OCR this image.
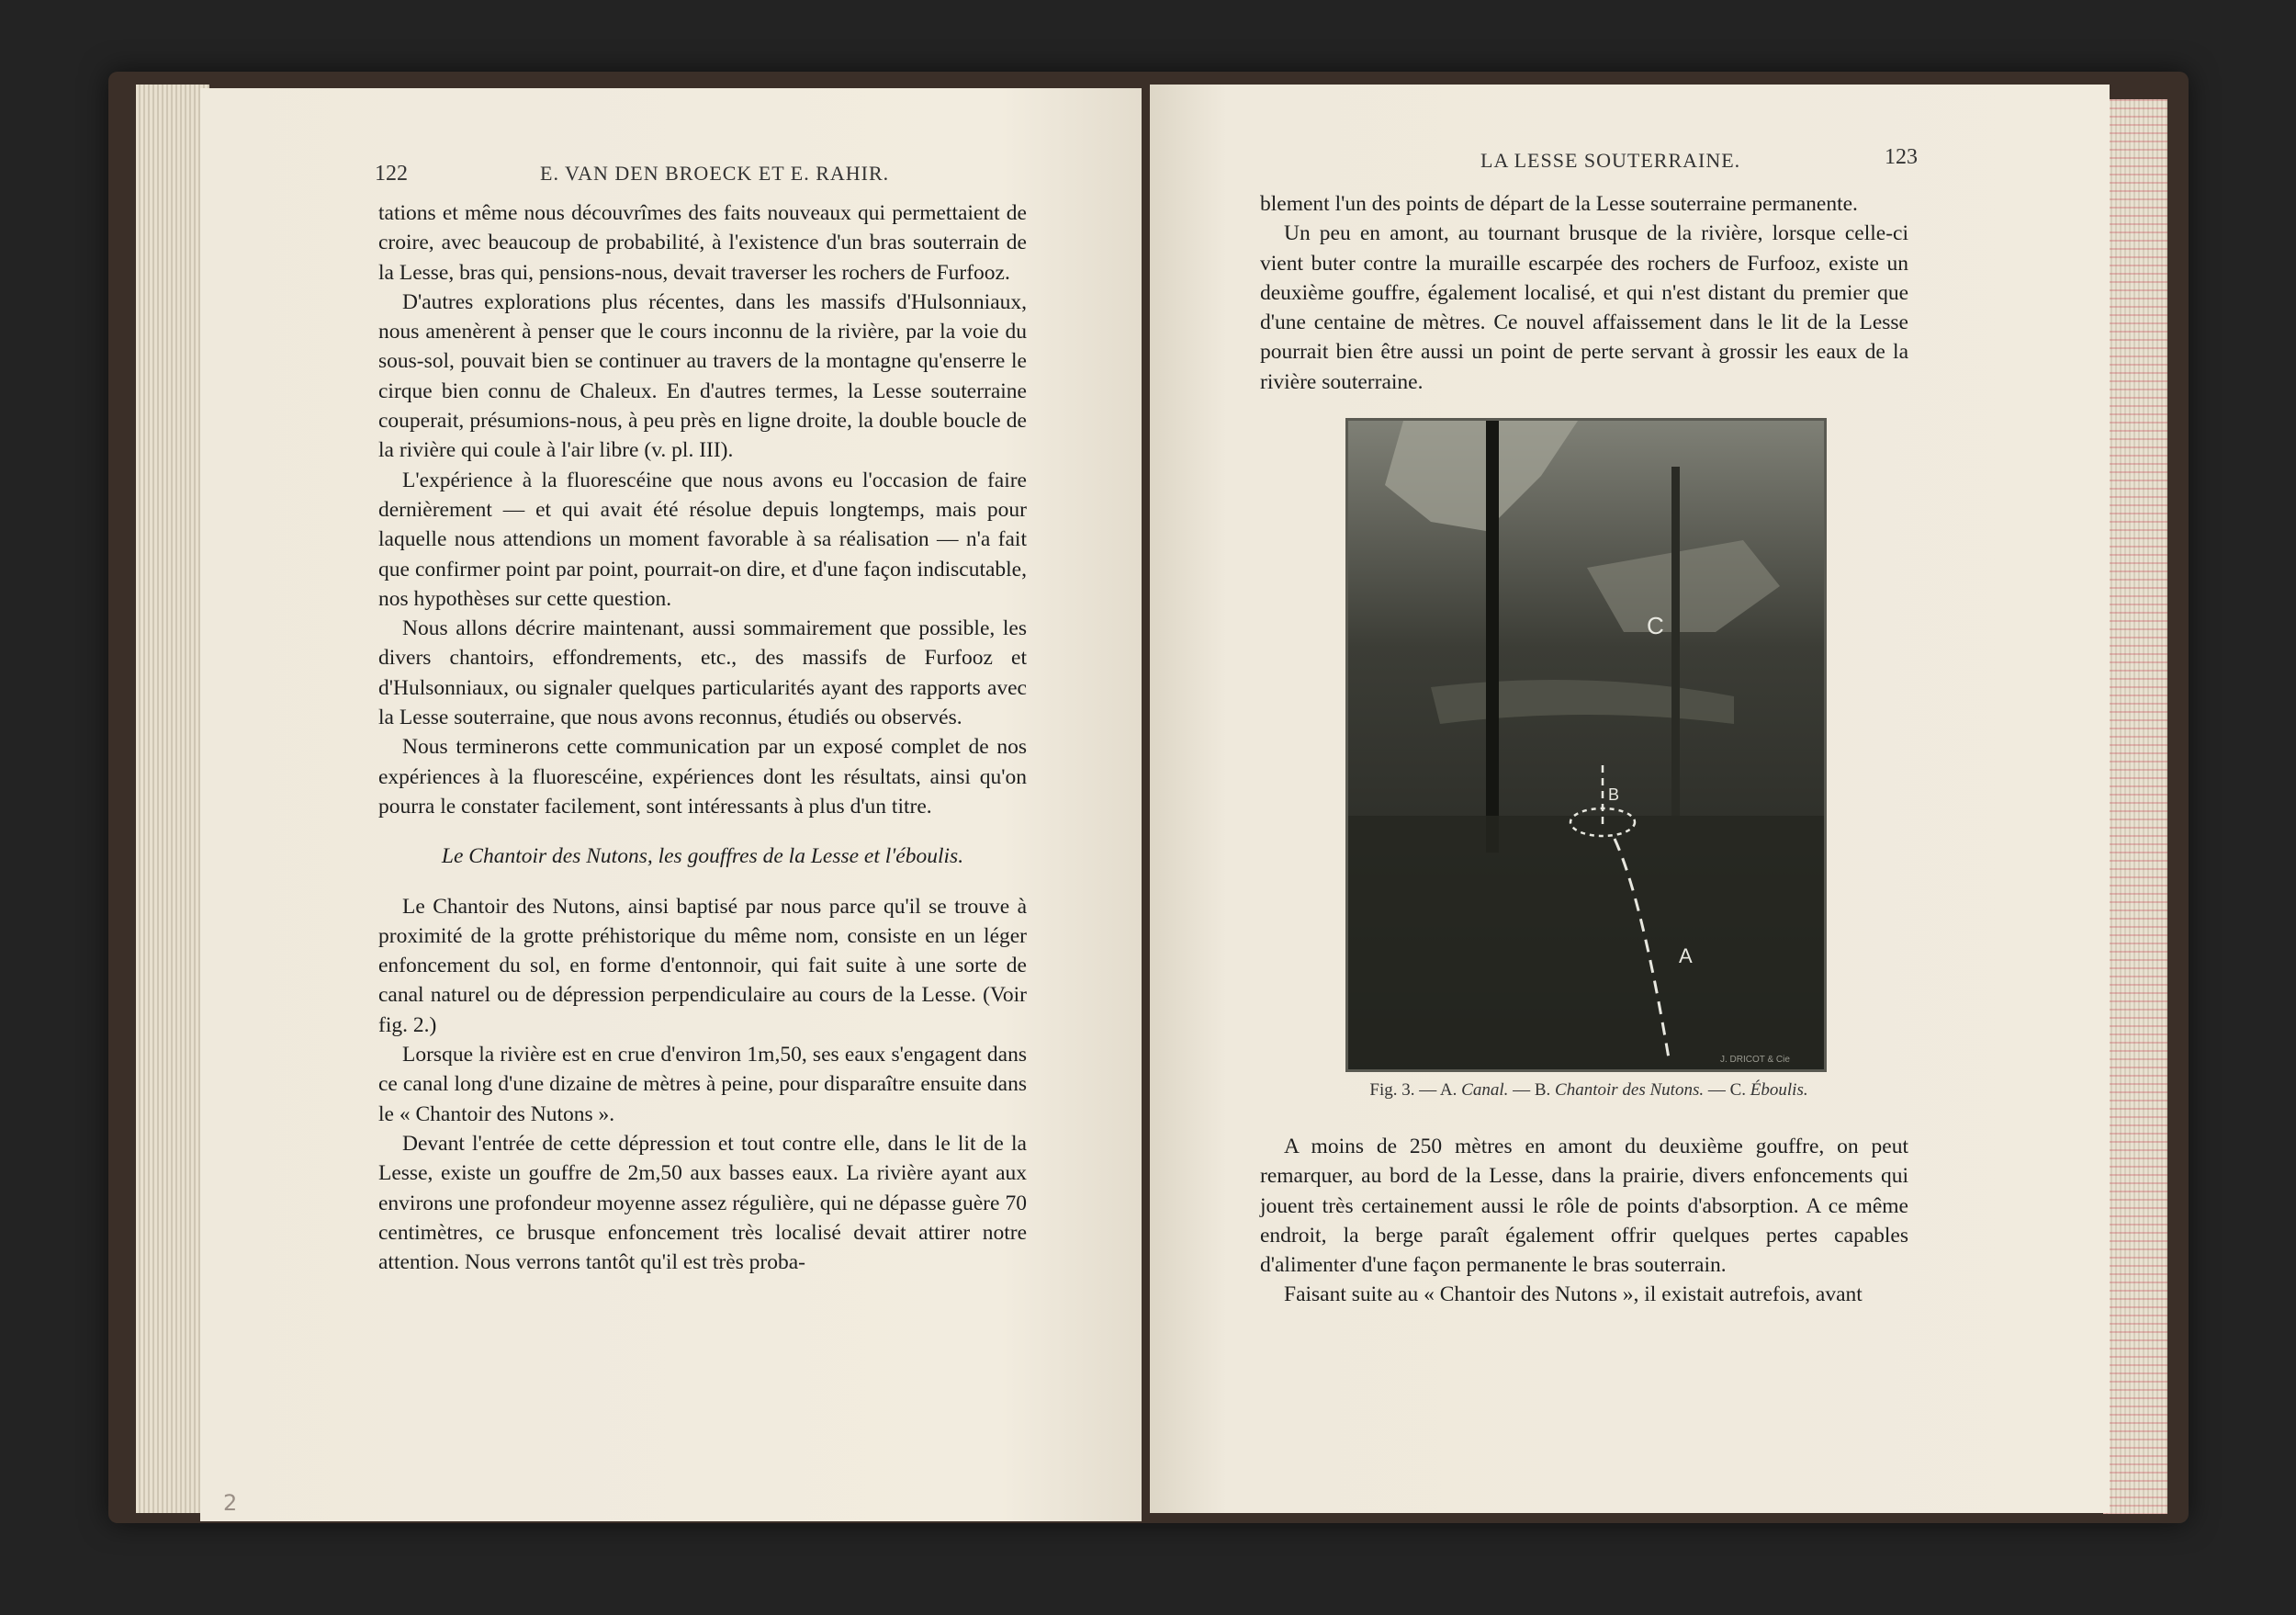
122	E. VAN DEN BROECK ET E. RAHIR.

tations et même nous découvrîmes des faits nouveaux qui permettaient de croire, avec beaucoup de probabilité, à l'existence d'un bras souterrain de la Lesse, bras qui, pensions-nous, devait traverser les rochers de Furfooz.

D'autres explorations plus récentes, dans les massifs d'Hulsonniaux, nous amenèrent à penser que le cours inconnu de la rivière, par la voie du sous-sol, pouvait bien se continuer au travers de la montagne qu'enserre le cirque bien connu de Chaleux. En d'autres termes, la Lesse souterraine couperait, présumions-nous, à peu près en ligne droite, la double boucle de la rivière qui coule à l'air libre (v. pl. III).

L'expérience à la fluorescéine que nous avons eu l'occasion de faire dernièrement — et qui avait été résolue depuis longtemps, mais pour laquelle nous attendions un moment favorable à sa réalisation — n'a fait que confirmer point par point, pourrait-on dire, et d'une façon indiscutable, nos hypothèses sur cette question.

Nous allons décrire maintenant, aussi sommairement que possible, les divers chantoirs, effondrements, etc., des massifs de Furfooz et d'Hulsonniaux, ou signaler quelques particularités ayant des rapports avec la Lesse souterraine, que nous avons reconnus, étudiés ou observés.

Nous terminerons cette communication par un exposé complet de nos expériences à la fluorescéine, expériences dont les résultats, ainsi qu'on pourra le constater facilement, sont intéressants à plus d'un titre.

Le Chantoir des Nutons, les gouffres de la Lesse et l'éboulis.

Le Chantoir des Nutons, ainsi baptisé par nous parce qu'il se trouve à proximité de la grotte préhistorique du même nom, consiste en un léger enfoncement du sol, en forme d'entonnoir, qui fait suite à une sorte de canal naturel ou de dépression perpendiculaire au cours de la Lesse. (Voir fig. 2.)

Lorsque la rivière est en crue d'environ 1m,50, ses eaux s'engagent dans ce canal long d'une dizaine de mètres à peine, pour disparaître ensuite dans le « Chantoir des Nutons ».

Devant l'entrée de cette dépression et tout contre elle, dans le lit de la Lesse, existe un gouffre de 2m,50 aux basses eaux. La rivière ayant aux environs une profondeur moyenne assez régulière, qui ne dépasse guère 70 centimètres, ce brusque enfoncement très localisé devait attirer notre attention. Nous verrons tantôt qu'il est très proba-

2
LA LESSE SOUTERRAINE.	123

blement l'un des points de départ de la Lesse souterraine permanente.

Un peu en amont, au tournant brusque de la rivière, lorsque celle-ci vient buter contre la muraille escarpée des rochers de Furfooz, existe un deuxième gouffre, également localisé, et qui n'est distant du premier que d'une centaine de mètres. Ce nouvel affaissement dans le lit de la Lesse pourrait bien être aussi un point de perte servant à grossir les eaux de la rivière souterraine.

C
B
A
J. DRICOT & Cie
Fig. 3. — A. Canal. — B. Chantoir des Nutons. — C. Éboulis.

A moins de 250 mètres en amont du deuxième gouffre, on peut remarquer, au bord de la Lesse, dans la prairie, divers enfoncements qui jouent très certainement aussi le rôle de points d'absorption. A ce même endroit, la berge paraît également offrir quelques pertes capables d'alimenter d'une façon permanente le bras souterrain.

Faisant suite au « Chantoir des Nutons », il existait autrefois, avant
